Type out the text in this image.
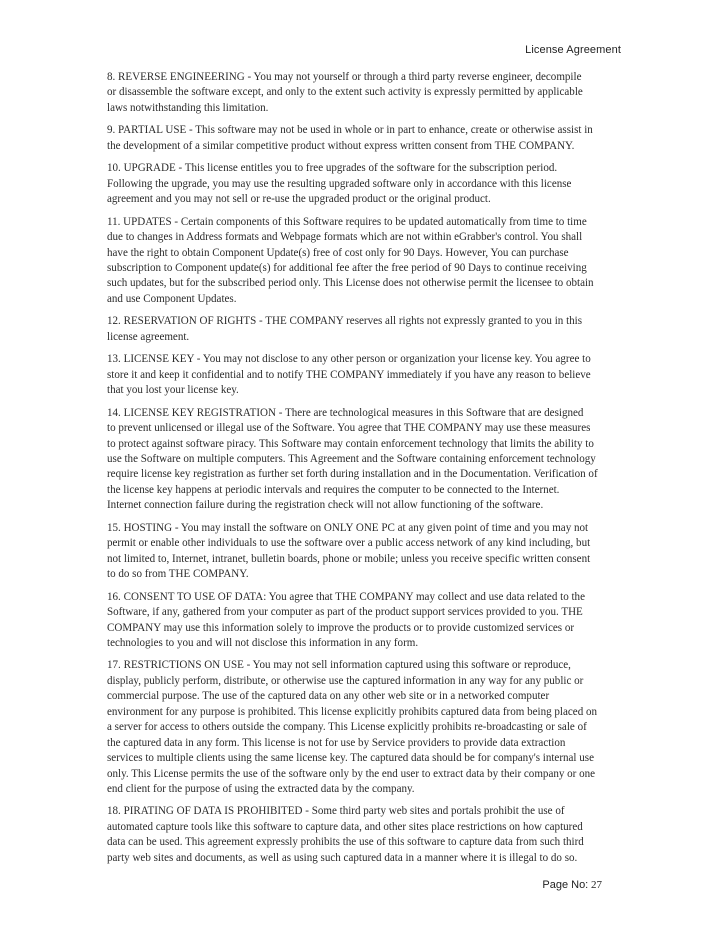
License Agreement
8. REVERSE ENGINEERING - You may not yourself or through a third party reverse engineer, decompile
or disassemble the software except, and only to the extent such activity is expressly permitted by applicable
laws notwithstanding this limitation.
9. PARTIAL USE - This software may not be used in whole or in part to enhance, create or otherwise assist in
the development of a similar competitive product without express written consent from THE COMPANY.
10. UPGRADE - This license entitles you to free upgrades of the software for the subscription period.
Following the upgrade, you may use the resulting upgraded software only in accordance with this license
agreement and you may not sell or re-use the upgraded product or the original product.
11. UPDATES - Certain components of this Software requires to be updated automatically from time to time
due to changes in Address formats and Webpage formats which are not within eGrabber's control. You shall
have the right to obtain Component Update(s) free of cost only for 90 Days. However, You can purchase
subscription to Component update(s) for additional fee after the free period of 90 Days to continue receiving
such updates, but for the subscribed period only. This License does not otherwise permit the licensee to obtain
and use Component Updates.
12. RESERVATION OF RIGHTS - THE COMPANY reserves all rights not expressly granted to you in this
license agreement.
13. LICENSE KEY - You may not disclose to any other person or organization your license key. You agree to
store it and keep it confidential and to notify THE COMPANY immediately if you have any reason to believe
that you lost your license key.
14. LICENSE KEY REGISTRATION - There are technological measures in this Software that are designed
to prevent unlicensed or illegal use of the Software. You agree that THE COMPANY may use these measures
to protect against software piracy. This Software may contain enforcement technology that limits the ability to
use the Software on multiple computers. This Agreement and the Software containing enforcement technology
require license key registration as further set forth during installation and in the Documentation. Verification of
the license key happens at periodic intervals and requires the computer to be connected to the Internet.
Internet connection failure during the registration check will not allow functioning of the software.
15. HOSTING - You may install the software on ONLY ONE PC at any given point of time and you may not
permit or enable other individuals to use the software over a public access network of any kind including, but
not limited to, Internet, intranet, bulletin boards, phone or mobile; unless you receive specific written consent
to do so from THE COMPANY.
16. CONSENT TO USE OF DATA: You agree that THE COMPANY may collect and use data related to the
Software, if any, gathered from your computer as part of the product support services provided to you. THE
COMPANY may use this information solely to improve the products or to provide customized services or
technologies to you and will not disclose this information in any form.
17. RESTRICTIONS ON USE - You may not sell information captured using this software or reproduce,
display, publicly perform, distribute, or otherwise use the captured information in any way for any public or
commercial purpose. The use of the captured data on any other web site or in a networked computer
environment for any purpose is prohibited. This license explicitly prohibits captured data from being placed on
a server for access to others outside the company. This License explicitly prohibits re-broadcasting or sale of
the captured data in any form. This license is not for use by Service providers to provide data extraction
services to multiple clients using the same license key. The captured data should be for company's internal use
only. This License permits the use of the software only by the end user to extract data by their company or one
end client for the purpose of using the extracted data by the company.
18. PIRATING OF DATA IS PROHIBITED - Some third party web sites and portals prohibit the use of
automated capture tools like this software to capture data, and other sites place restrictions on how captured
data can be used. This agreement expressly prohibits the use of this software to capture data from such third
party web sites and documents, as well as using such captured data in a manner where it is illegal to do so.
Page No: 27
